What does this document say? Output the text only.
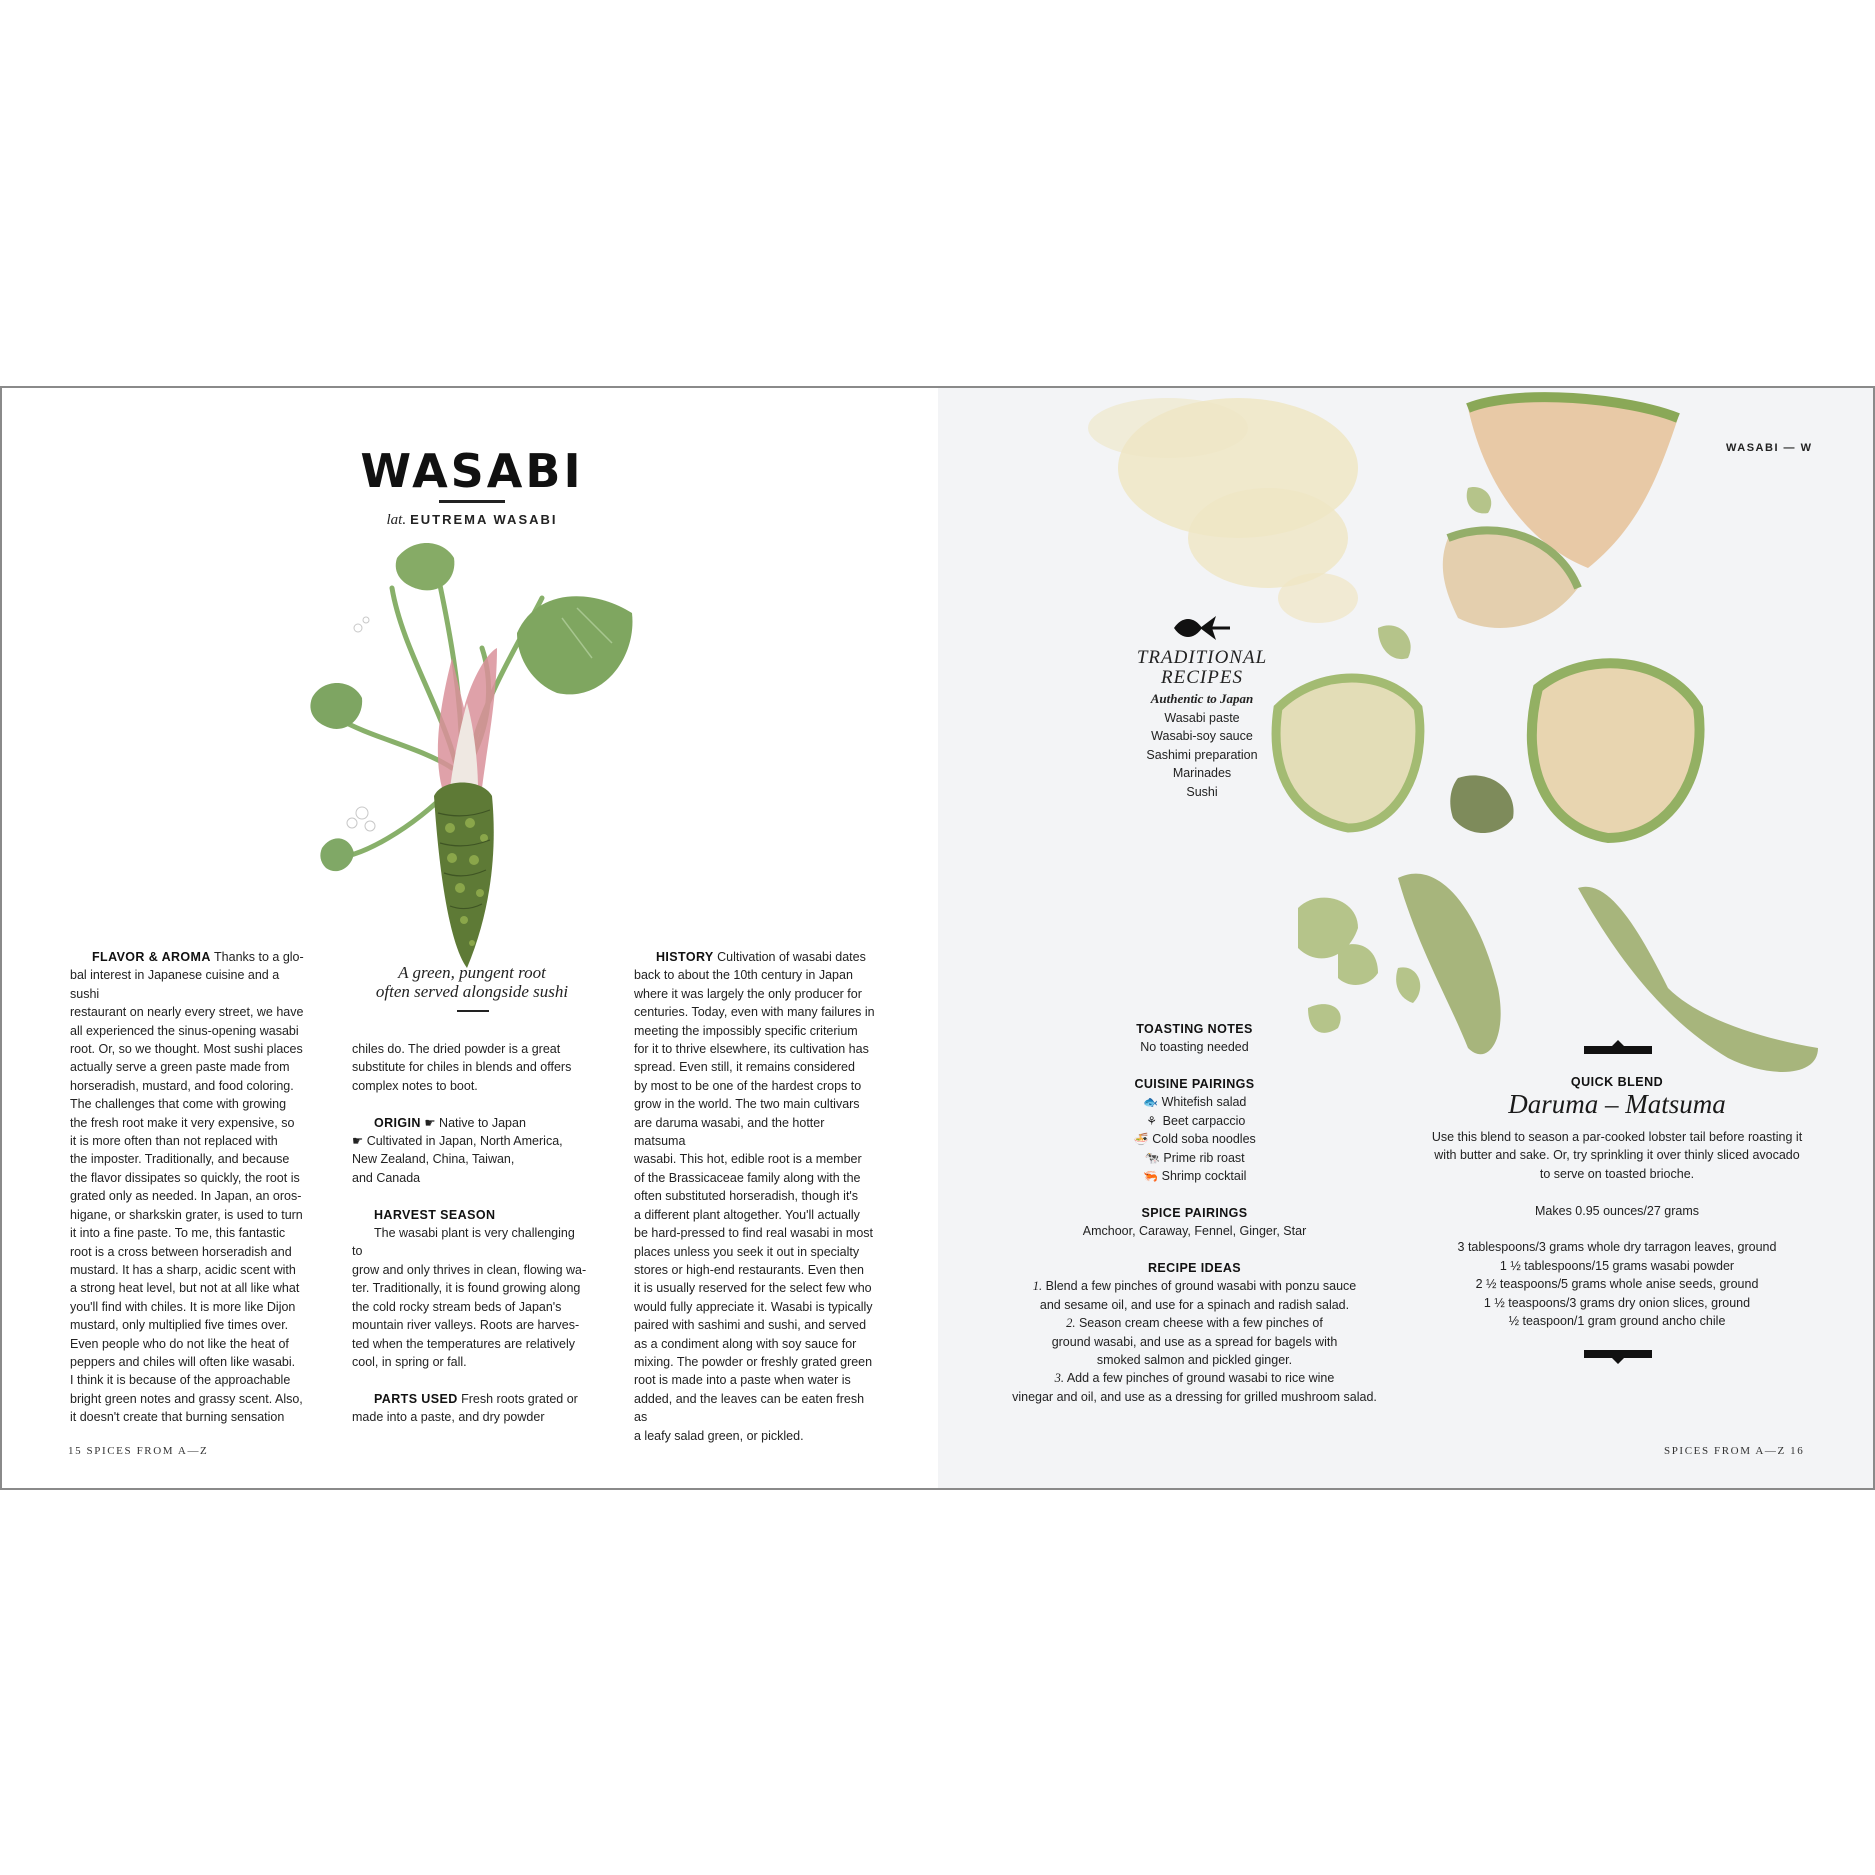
WASABI
lat. EUTREMA WASABI
A green, pungent root
often served alongside sushi

FLAVOR & AROMA Thanks to a glo-

bal interest in Japanese cuisine and a sushi

restaurant on nearly every street, we have

all experienced the sinus-opening wasabi

root. Or, so we thought. Most sushi places

actually serve a green paste made from

horseradish, mustard, and food coloring.

The challenges that come with growing

the fresh root make it very expensive, so

it is more often than not replaced with

the imposter. Traditionally, and because

the flavor dissipates so quickly, the root is

grated only as needed. In Japan, an oros-

higane, or sharkskin grater, is used to turn

it into a fine paste. To me, this fantastic

root is a cross between horseradish and

mustard. It has a sharp, acidic scent with

a strong heat level, but not at all like what

you'll find with chiles. It is more like Dijon

mustard, only multiplied five times over.

Even people who do not like the heat of

peppers and chiles will often like wasabi.

I think it is because of the approachable

bright green notes and grassy scent. Also,

it doesn't create that burning sensation

chiles do. The dried powder is a great

substitute for chiles in blends and offers

complex notes to boot.

ORIGIN ☛ Native to Japan

☛ Cultivated in Japan, North America,

New Zealand, China, Taiwan,

and Canada

HARVEST SEASON

The wasabi plant is very challenging to

grow and only thrives in clean, flowing wa-

ter. Traditionally, it is found growing along

the cold rocky stream beds of Japan's

mountain river valleys. Roots are harves-

ted when the temperatures are relatively

cool, in spring or fall.

PARTS USED Fresh roots grated or

made into a paste, and dry powder

HISTORY Cultivation of wasabi dates

back to about the 10th century in Japan

where it was largely the only producer for

centuries. Today, even with many failures in

meeting the impossibly specific criterium

for it to thrive elsewhere, its cultivation has

spread. Even still, it remains considered

by most to be one of the hardest crops to

grow in the world. The two main cultivars

are daruma wasabi, and the hotter matsuma

wasabi. This hot, edible root is a member

of the Brassicaceae family along with the

often substituted horseradish, though it's

a different plant altogether. You'll actually

be hard-pressed to find real wasabi in most

places unless you seek it out in specialty

stores or high-end restaurants. Even then

it is usually reserved for the select few who

would fully appreciate it. Wasabi is typically

paired with sashimi and sushi, and served

as a condiment along with soy sauce for

mixing. The powder or freshly grated green

root is made into a paste when water is

added, and the leaves can be eaten fresh as

a leafy salad green, or pickled.

15 SPICES FROM A—Z
WASABI — W
TRADITIONAL
RECIPES
Authentic to Japan
Wasabi paste
Wasabi-soy sauce
Sashimi preparation
Marinades
Sushi
TOASTING NOTES
No toasting needed
CUISINE PAIRINGS
🐟 Whitefish salad
⚘ Beet carpaccio
🍜 Cold soba noodles
🐄 Prime rib roast
🦐 Shrimp cocktail
SPICE PAIRINGS
Amchoor, Caraway, Fennel, Ginger, Star
RECIPE IDEAS
1. Blend a few pinches of ground wasabi with ponzu sauce
and sesame oil, and use for a spinach and radish salad.
2. Season cream cheese with a few pinches of
ground wasabi, and use as a spread for bagels with
smoked salmon and pickled ginger.
3. Add a few pinches of ground wasabi to rice wine
vinegar and oil, and use as a dressing for grilled mushroom salad.
QUICK BLEND
Daruma – Matsuma
Use this blend to season a par-cooked lobster tail before roasting it
with butter and sake. Or, try sprinkling it over thinly sliced avocado
to serve on toasted brioche.

Makes 0.95 ounces/27 grams

3 tablespoons/3 grams whole dry tarragon leaves, ground
1 ½ tablespoons/15 grams wasabi powder
2 ½ teaspoons/5 grams whole anise seeds, ground
1 ½ teaspoons/3 grams dry onion slices, ground
½ teaspoon/1 gram ground ancho chile
SPICES FROM A—Z 16
